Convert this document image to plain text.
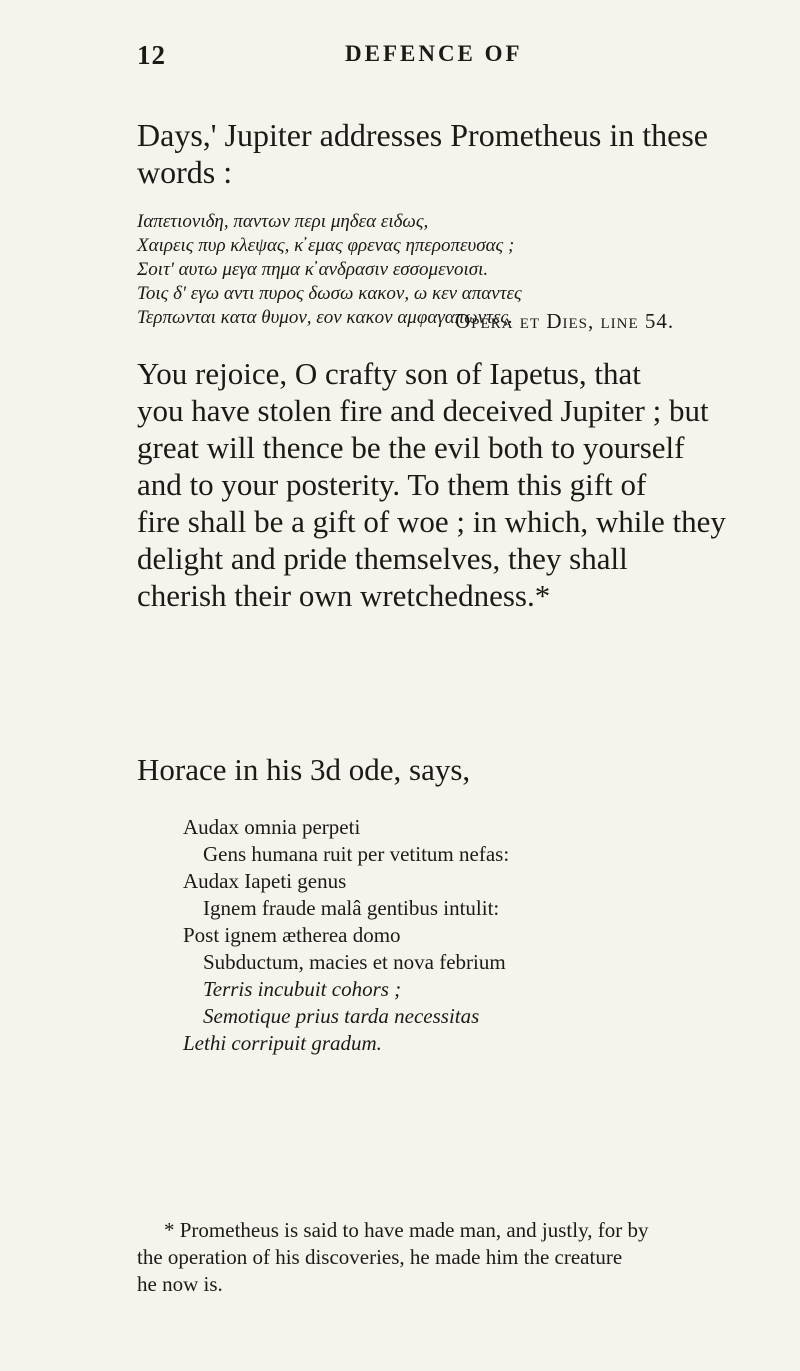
12	DEFENCE OF
Days,' Jupiter addresses Prometheus in these
words :
Ιαπετιονιδη, παντων περι μηδεα ειδως,
Χαιρεις πυρ κλεψας, κ̓ εμας φρενας ηπεροπευσας ;
Σοιτ' αυτω μεγα πημα κ̓ ανδρασιν εσσομενοισι.
Τοις δ' εγω αντι πυρος δωσω κακον, ω κεν απαντες
Τερπωνται κατα θυμον, εον κακον αμφαγαπωντες.
Opera et Dies, line 54.
You rejoice, O crafty son of Iapetus, that
you have stolen fire and deceived Jupiter ; but
great will thence be the evil both to yourself
and to your posterity. To them this gift of
fire shall be a gift of woe ; in which, while they
delight and pride themselves, they shall
cherish their own wretchedness.*
Horace in his 3d ode, says,
Audax omnia perpeti
Gens humana ruit per vetitum nefas:
Audax Iapeti genus
Ignem fraude malâ gentibus intulit:
Post ignem ætherea domo
Subductum, macies et nova febrium
Terris incubuit cohors ;
Semotique prius tarda necessitas
Lethi corripuit gradum.
* Prometheus is said to have made man, and justly, for by
the operation of his discoveries, he made him the creature
he now is.
